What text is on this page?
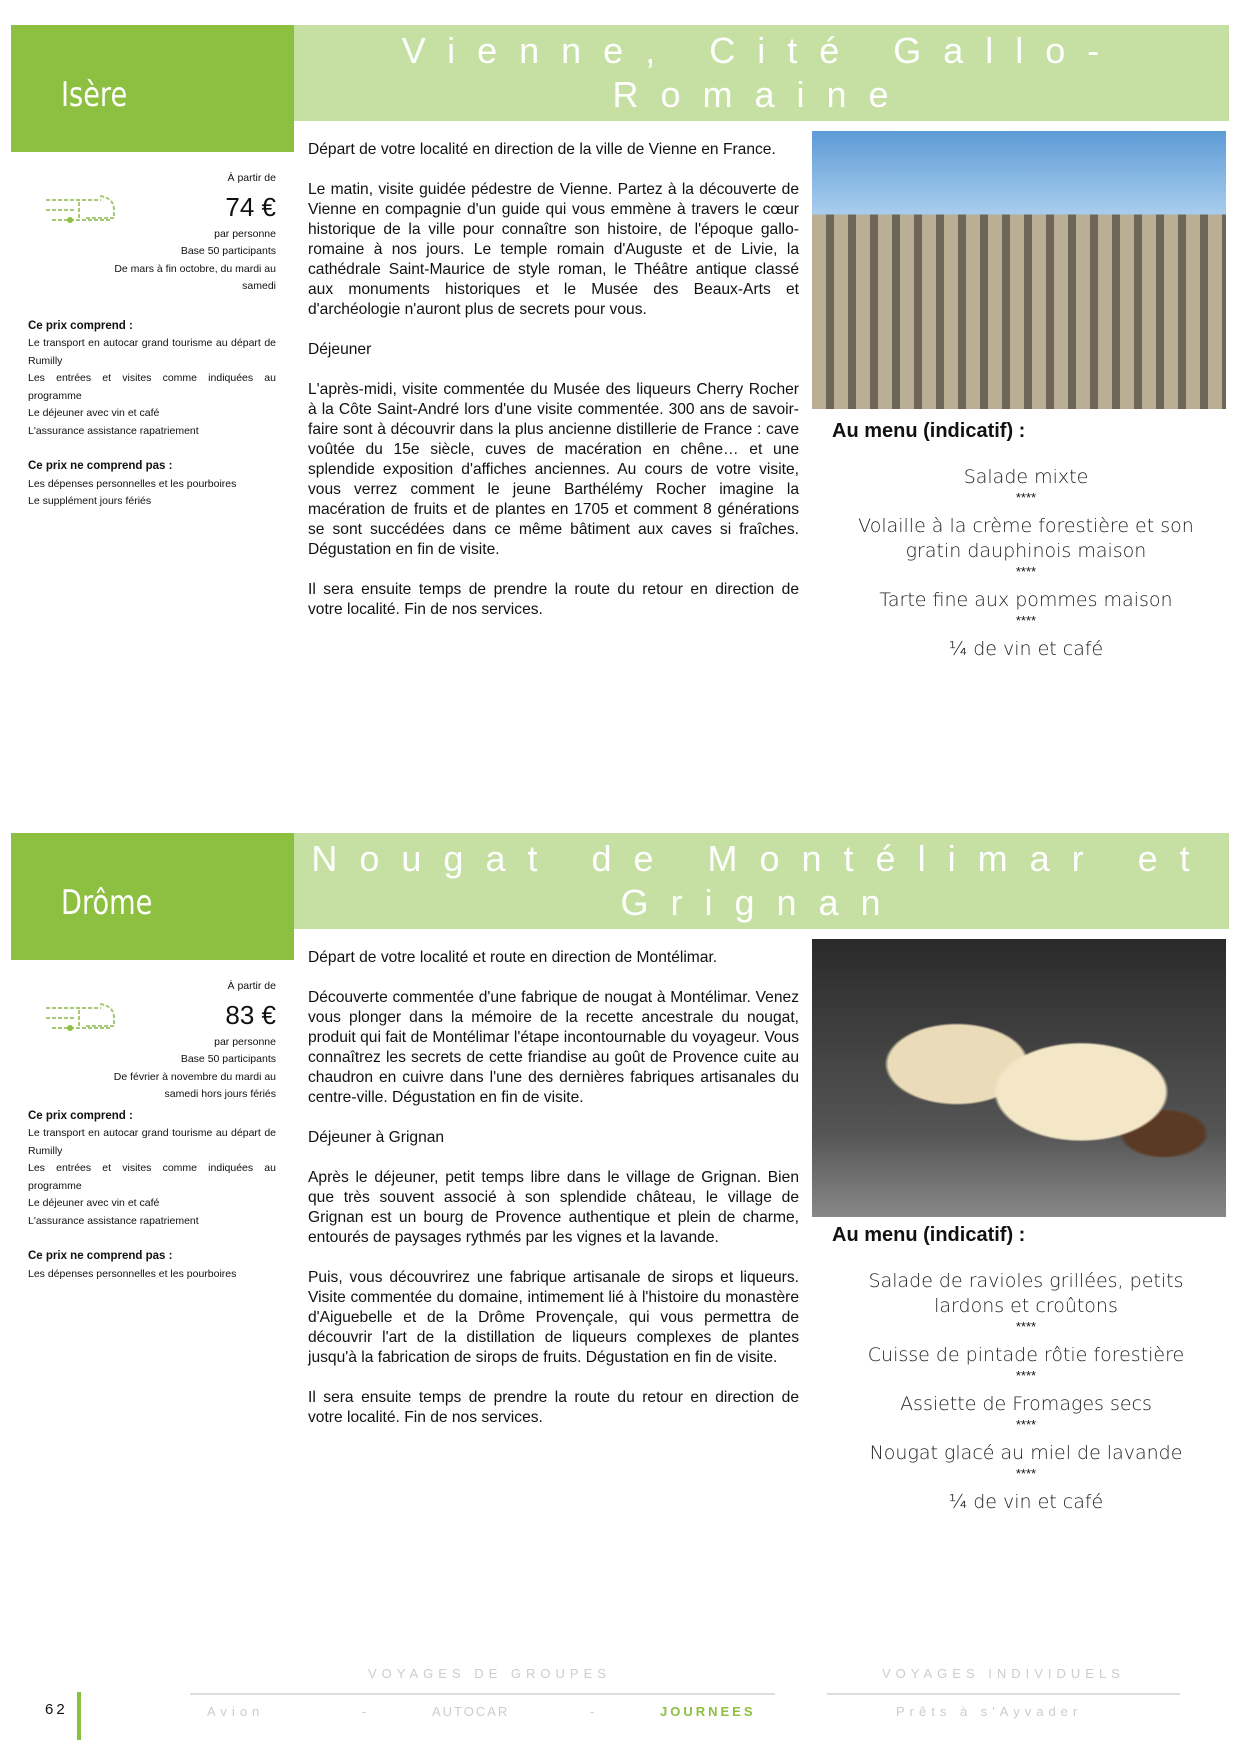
Isère
Vienne, Cité Gallo-Romaine
À partir de
74 €
par personne
Base 50 participants
De mars à fin octobre, du mardi au samedi
Ce prix comprend :
Le transport en autocar grand tourisme au départ de Rumilly
Les entrées et visites comme indiquées au programme
Le déjeuner avec vin et café
L'assurance assistance rapatriement
Ce prix ne comprend pas :
Les dépenses personnelles et les pourboires
Le supplément jours fériés

Départ de votre localité en direction de la ville de Vienne en France.

Le matin, visite guidée pédestre de Vienne. Partez à la découverte de Vienne en compagnie d'un guide qui vous emmène à travers le cœur historique de la ville pour connaître son histoire, de l'époque gallo-romaine à nos jours. Le temple romain d'Auguste et de Livie, la cathédrale Saint-Maurice de style roman, le Théâtre antique classé aux monuments historiques et le Musée des Beaux-Arts et d'archéologie n'auront plus de secrets pour vous.

Déjeuner

L'après-midi, visite commentée du Musée des liqueurs Cherry Rocher à la Côte Saint-André lors d'une visite commentée. 300 ans de savoir-faire sont à découvrir dans la plus ancienne distillerie de France : cave voûtée du 15e siècle, cuves de macération en chêne… et une splendide exposition d'affiches anciennes. Au cours de votre visite, vous verrez comment le jeune Barthélémy Rocher imagine la macération de fruits et de plantes en 1705 et comment 8 générations se sont succédées dans ce même bâtiment aux caves si fraîches. Dégustation en fin de visite.

Il sera ensuite temps de prendre la route du retour en direction de votre localité. Fin de nos services.

Au menu (indicatif) :
Salade mixte
****
Volaille à la crème forestière et son gratin dauphinois maison
****
Tarte fine aux pommes maison
****
¼ de vin et café
Drôme
Nougat de Montélimar et Grignan
À partir de
83 €
par personne
Base 50 participants
De février à novembre du mardi au samedi hors jours fériés
Ce prix comprend :
Le transport en autocar grand tourisme au départ de Rumilly
Les entrées et visites comme indiquées au programme
Le déjeuner avec vin et café
L'assurance assistance rapatriement
Ce prix ne comprend pas :
Les dépenses personnelles et les pourboires

Départ de votre localité et route en direction de Montélimar.

Découverte commentée d'une fabrique de nougat à Montélimar. Venez vous plonger dans la mémoire de la recette ancestrale du nougat, produit qui fait de Montélimar l'étape incontournable du voyageur. Vous connaîtrez les secrets de cette friandise au goût de Provence cuite au chaudron en cuivre dans l'une des dernières fabriques artisanales du centre-ville. Dégustation en fin de visite.

Déjeuner à Grignan

Après le déjeuner, petit temps libre dans le village de Grignan. Bien que très souvent associé à son splendide château, le village de Grignan est un bourg de Provence authentique et plein de charme, entourés de paysages rythmés par les vignes et la lavande.

Puis, vous découvrirez une fabrique artisanale de sirops et liqueurs. Visite commentée du domaine, intimement lié à l'histoire du monastère d'Aiguebelle et de la Drôme Provençale, qui vous permettra de découvrir l'art de la distillation de liqueurs complexes de plantes jusqu'à la fabrication de sirops de fruits. Dégustation en fin de visite.

Il sera ensuite temps de prendre la route du retour en direction de votre localité. Fin de nos services.

Au menu (indicatif) :
Salade de ravioles grillées, petits lardons et croûtons
****
Cuisse de pintade rôtie forestière
****
Assiette de Fromages secs
****
Nougat glacé au miel de lavande
****
¼ de vin et café
VOYAGES DE GROUPES	VOYAGES INDIVIDUELS
62	Avion	-	AUTOCAR	-	JOURNEES	Prêts à s'Ayvader
